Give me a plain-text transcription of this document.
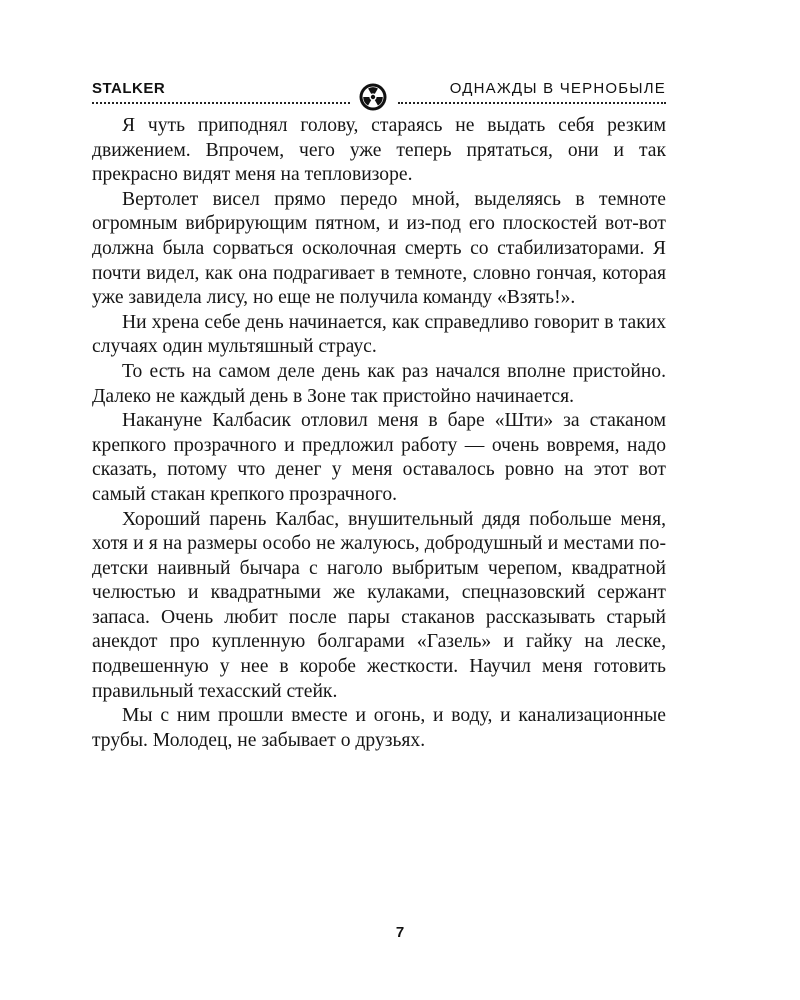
STALKER	ОДНАЖДЫ В ЧЕРНОБЫЛЕ

Я чуть приподнял голову, стараясь не выдать себя резким движением. Впрочем, чего уже теперь прятаться, они и так прекрасно видят меня на тепловизоре.

Вертолет висел прямо передо мной, выделяясь в темноте огромным вибрирующим пятном, и из-под его плоскостей вот-вот должна была сорваться осколочная смерть со стабилизаторами. Я почти видел, как она подрагивает в темноте, словно гончая, которая уже завидела лису, но еще не получила команду «Взять!».

Ни хрена себе день начинается, как справедливо говорит в таких случаях один мультяшный страус.

То есть на самом деле день как раз начался вполне пристойно. Далеко не каждый день в Зоне так пристойно начинается.

Накануне Калбасик отловил меня в баре «Шти» за стаканом крепкого прозрачного и предложил работу — очень вовремя, надо сказать, потому что денег у меня оставалось ровно на этот вот самый стакан крепкого прозрачного.

Хороший парень Калбас, внушительный дядя побольше меня, хотя и я на размеры особо не жалуюсь, добродушный и местами по-детски наивный бычара с наголо выбритым черепом, квадратной челюстью и квадратными же кулаками, спецназовский сержант запаса. Очень любит после пары стаканов рассказывать старый анекдот про купленную болгарами «Газель» и гайку на леске, подвешенную у нее в коробе жесткости. Научил меня готовить правильный техасский стейк.

Мы с ним прошли вместе и огонь, и воду, и канализационные трубы. Молодец, не забывает о друзьях.

7
